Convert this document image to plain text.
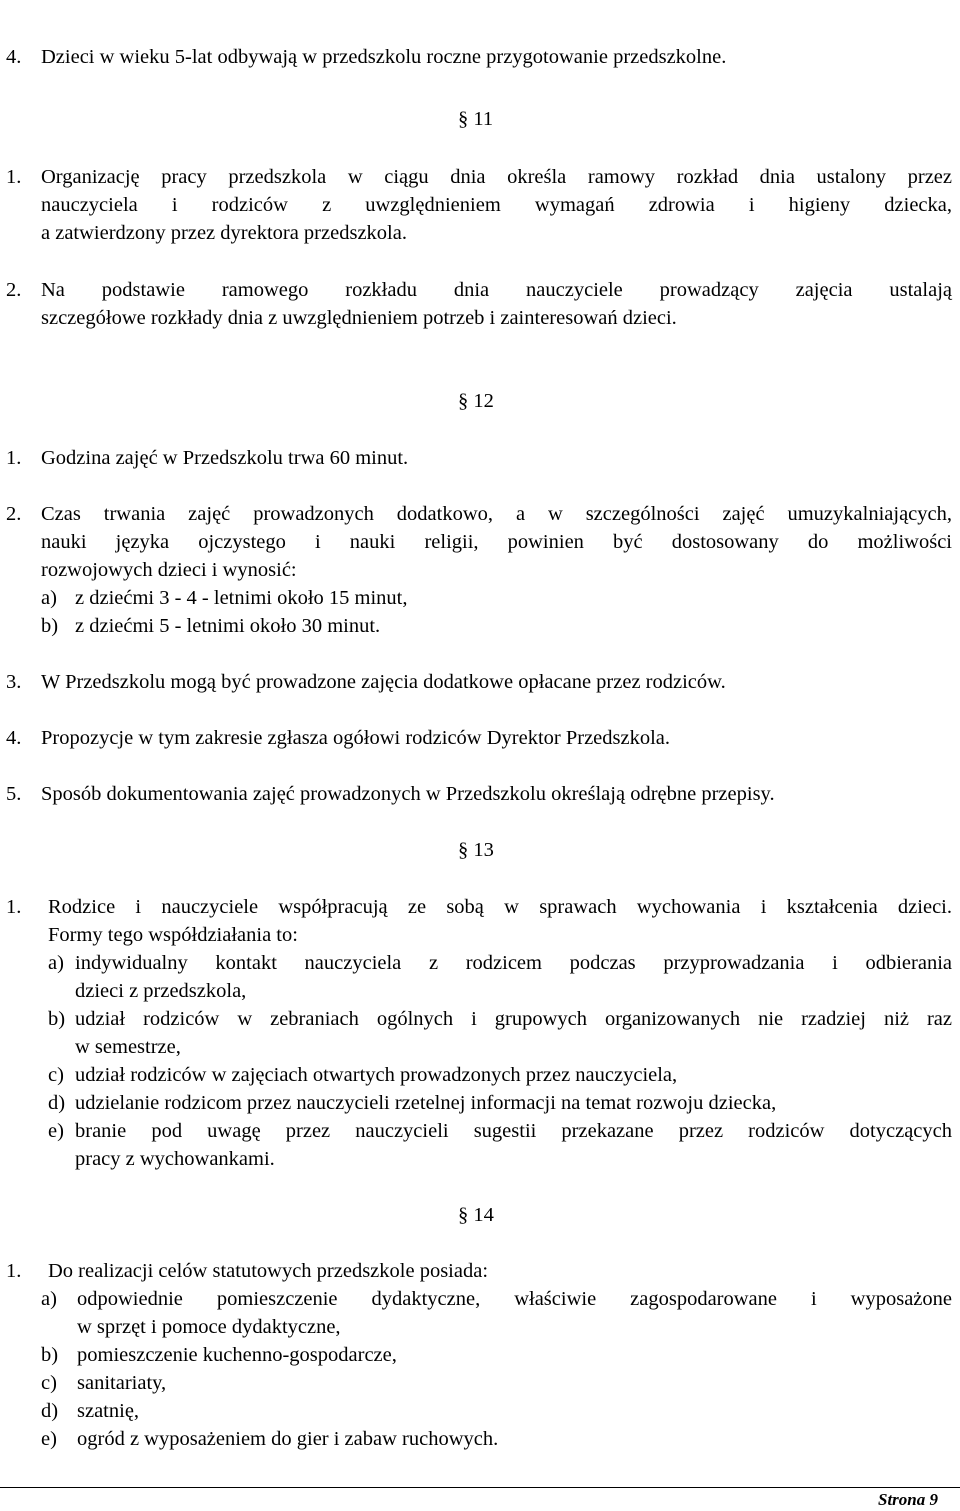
4. Dzieci w wieku 5-lat odbywają w przedszkolu roczne przygotowanie przedszkolne.
§ 11
1. Organizację pracy przedszkola w ciągu dnia określa ramowy rozkład dnia ustalony przez
nauczyciela i rodziców z uwzględnieniem wymagań zdrowia i higieny dziecka,
a zatwierdzony przez dyrektora przedszkola.
2. Na podstawie ramowego rozkładu dnia nauczyciele prowadzący zajęcia ustalają
szczegółowe rozkłady dnia z uwzględnieniem potrzeb i zainteresowań dzieci.
§ 12
1. Godzina zajęć w Przedszkolu trwa 60 minut.
2. Czas trwania zajęć prowadzonych dodatkowo, a w szczególności zajęć umuzykalniających,
nauki języka ojczystego i nauki religii, powinien być dostosowany do możliwości
rozwojowych dzieci i wynosić:
a) z dziećmi 3 - 4 - letnimi około 15 minut,
b) z dziećmi 5 - letnimi około 30 minut.
3. W Przedszkolu mogą być prowadzone zajęcia dodatkowe opłacane przez rodziców.
4. Propozycje w tym zakresie zgłasza ogółowi rodziców Dyrektor Przedszkola.
5. Sposób dokumentowania zajęć prowadzonych w Przedszkolu określają odrębne przepisy.
§ 13
1. Rodzice i nauczyciele współpracują ze sobą w sprawach wychowania i kształcenia dzieci.
Formy tego współdziałania to:
a) indywidualny kontakt nauczyciela z rodzicem podczas przyprowadzania i odbierania
dzieci z przedszkola,
b) udział rodziców w zebraniach ogólnych i grupowych organizowanych nie rzadziej niż raz
w semestrze,
c) udział rodziców w zajęciach otwartych prowadzonych przez nauczyciela,
d) udzielanie rodzicom przez nauczycieli rzetelnej informacji na temat rozwoju dziecka,
e) branie pod uwagę przez nauczycieli sugestii przekazane przez rodziców dotyczących
pracy z wychowankami.
§ 14
1. Do realizacji celów statutowych przedszkole posiada:
a) odpowiednie pomieszczenie dydaktyczne, właściwie zagospodarowane i wyposażone
w sprzęt i pomoce dydaktyczne,
b) pomieszczenie kuchenno-gospodarcze,
c) sanitariaty,
d) szatnię,
e) ogród z wyposażeniem do gier i zabaw ruchowych.
Strona 9
